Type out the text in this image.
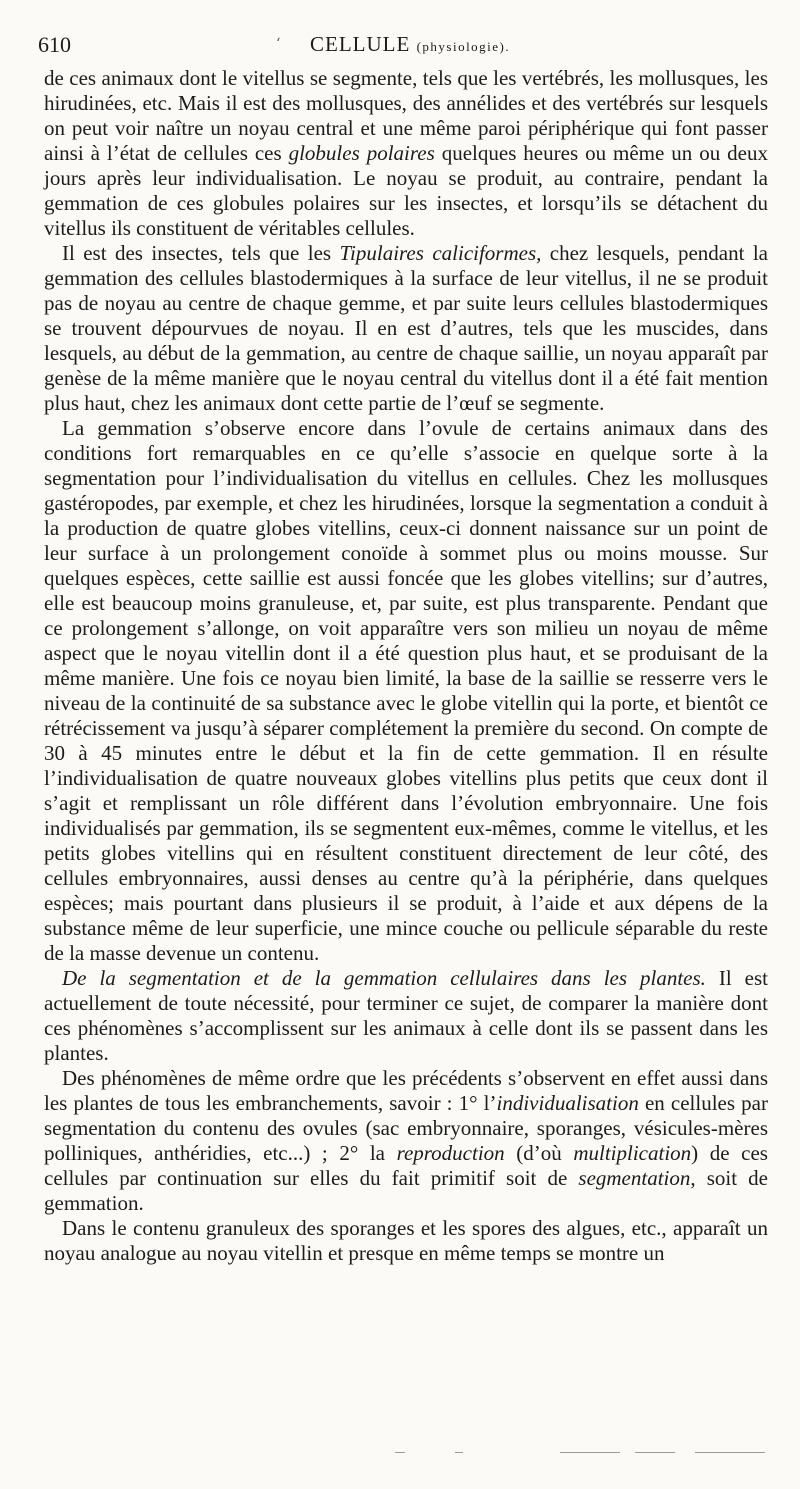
610	‘ CELLULE (physiologie).

de ces animaux dont le vitellus se segmente, tels que les vertébrés, les mollusques, les hirudinées, etc. Mais il est des mollusques, des annélides et des vertébrés sur lesquels on peut voir naître un noyau central et une même paroi périphérique qui font passer ainsi à l’état de cellules ces globules polaires quelques heures ou même un ou deux jours après leur individualisation. Le noyau se produit, au contraire, pendant la gemmation de ces globules polaires sur les insectes, et lorsqu’ils se détachent du vitellus ils constituent de véritables cellules.

Il est des insectes, tels que les Tipulaires caliciformes, chez lesquels, pendant la gemmation des cellules blastodermiques à la surface de leur vitellus, il ne se produit pas de noyau au centre de chaque gemme, et par suite leurs cellules blastodermiques se trouvent dépourvues de noyau. Il en est d’autres, tels que les muscides, dans lesquels, au début de la gemmation, au centre de chaque saillie, un noyau apparaît par genèse de la même manière que le noyau central du vitellus dont il a été fait mention plus haut, chez les animaux dont cette partie de l’œuf se segmente.

La gemmation s’observe encore dans l’ovule de certains animaux dans des conditions fort remarquables en ce qu’elle s’associe en quelque sorte à la segmentation pour l’individualisation du vitellus en cellules. Chez les mollusques gastéropodes, par exemple, et chez les hirudinées, lorsque la segmentation a conduit à la production de quatre globes vitellins, ceux-ci donnent naissance sur un point de leur surface à un prolongement conoïde à sommet plus ou moins mousse. Sur quelques espèces, cette saillie est aussi foncée que les globes vitellins; sur d’autres, elle est beaucoup moins granuleuse, et, par suite, est plus transparente. Pendant que ce prolongement s’allonge, on voit apparaître vers son milieu un noyau de même aspect que le noyau vitellin dont il a été question plus haut, et se produisant de la même manière. Une fois ce noyau bien limité, la base de la saillie se resserre vers le niveau de la continuité de sa substance avec le globe vitellin qui la porte, et bientôt ce rétrécissement va jusqu’à séparer complétement la première du second. On compte de 30 à 45 minutes entre le début et la fin de cette gemmation. Il en résulte l’individualisation de quatre nouveaux globes vitellins plus petits que ceux dont il s’agit et remplissant un rôle différent dans l’évolution embryonnaire. Une fois individualisés par gemmation, ils se segmentent eux-mêmes, comme le vitellus, et les petits globes vitellins qui en résultent constituent directement de leur côté, des cellules embryonnaires, aussi denses au centre qu’à la périphérie, dans quelques espèces; mais pourtant dans plusieurs il se produit, à l’aide et aux dépens de la substance même de leur superficie, une mince couche ou pellicule séparable du reste de la masse devenue un contenu.

De la segmentation et de la gemmation cellulaires dans les plantes. Il est actuellement de toute nécessité, pour terminer ce sujet, de comparer la manière dont ces phénomènes s’accomplissent sur les animaux à celle dont ils se passent dans les plantes.

Des phénomènes de même ordre que les précédents s’observent en effet aussi dans les plantes de tous les embranchements, savoir : 1° l’individualisation en cellules par segmentation du contenu des ovules (sac embryonnaire, sporanges, vésicules-mères polliniques, anthéridies, etc...) ; 2° la reproduction (d’où multiplication) de ces cellules par continuation sur elles du fait primitif soit de segmentation, soit de gemmation.

Dans le contenu granuleux des sporanges et les spores des algues, etc., apparaît un noyau analogue au noyau vitellin et presque en même temps se montre un
